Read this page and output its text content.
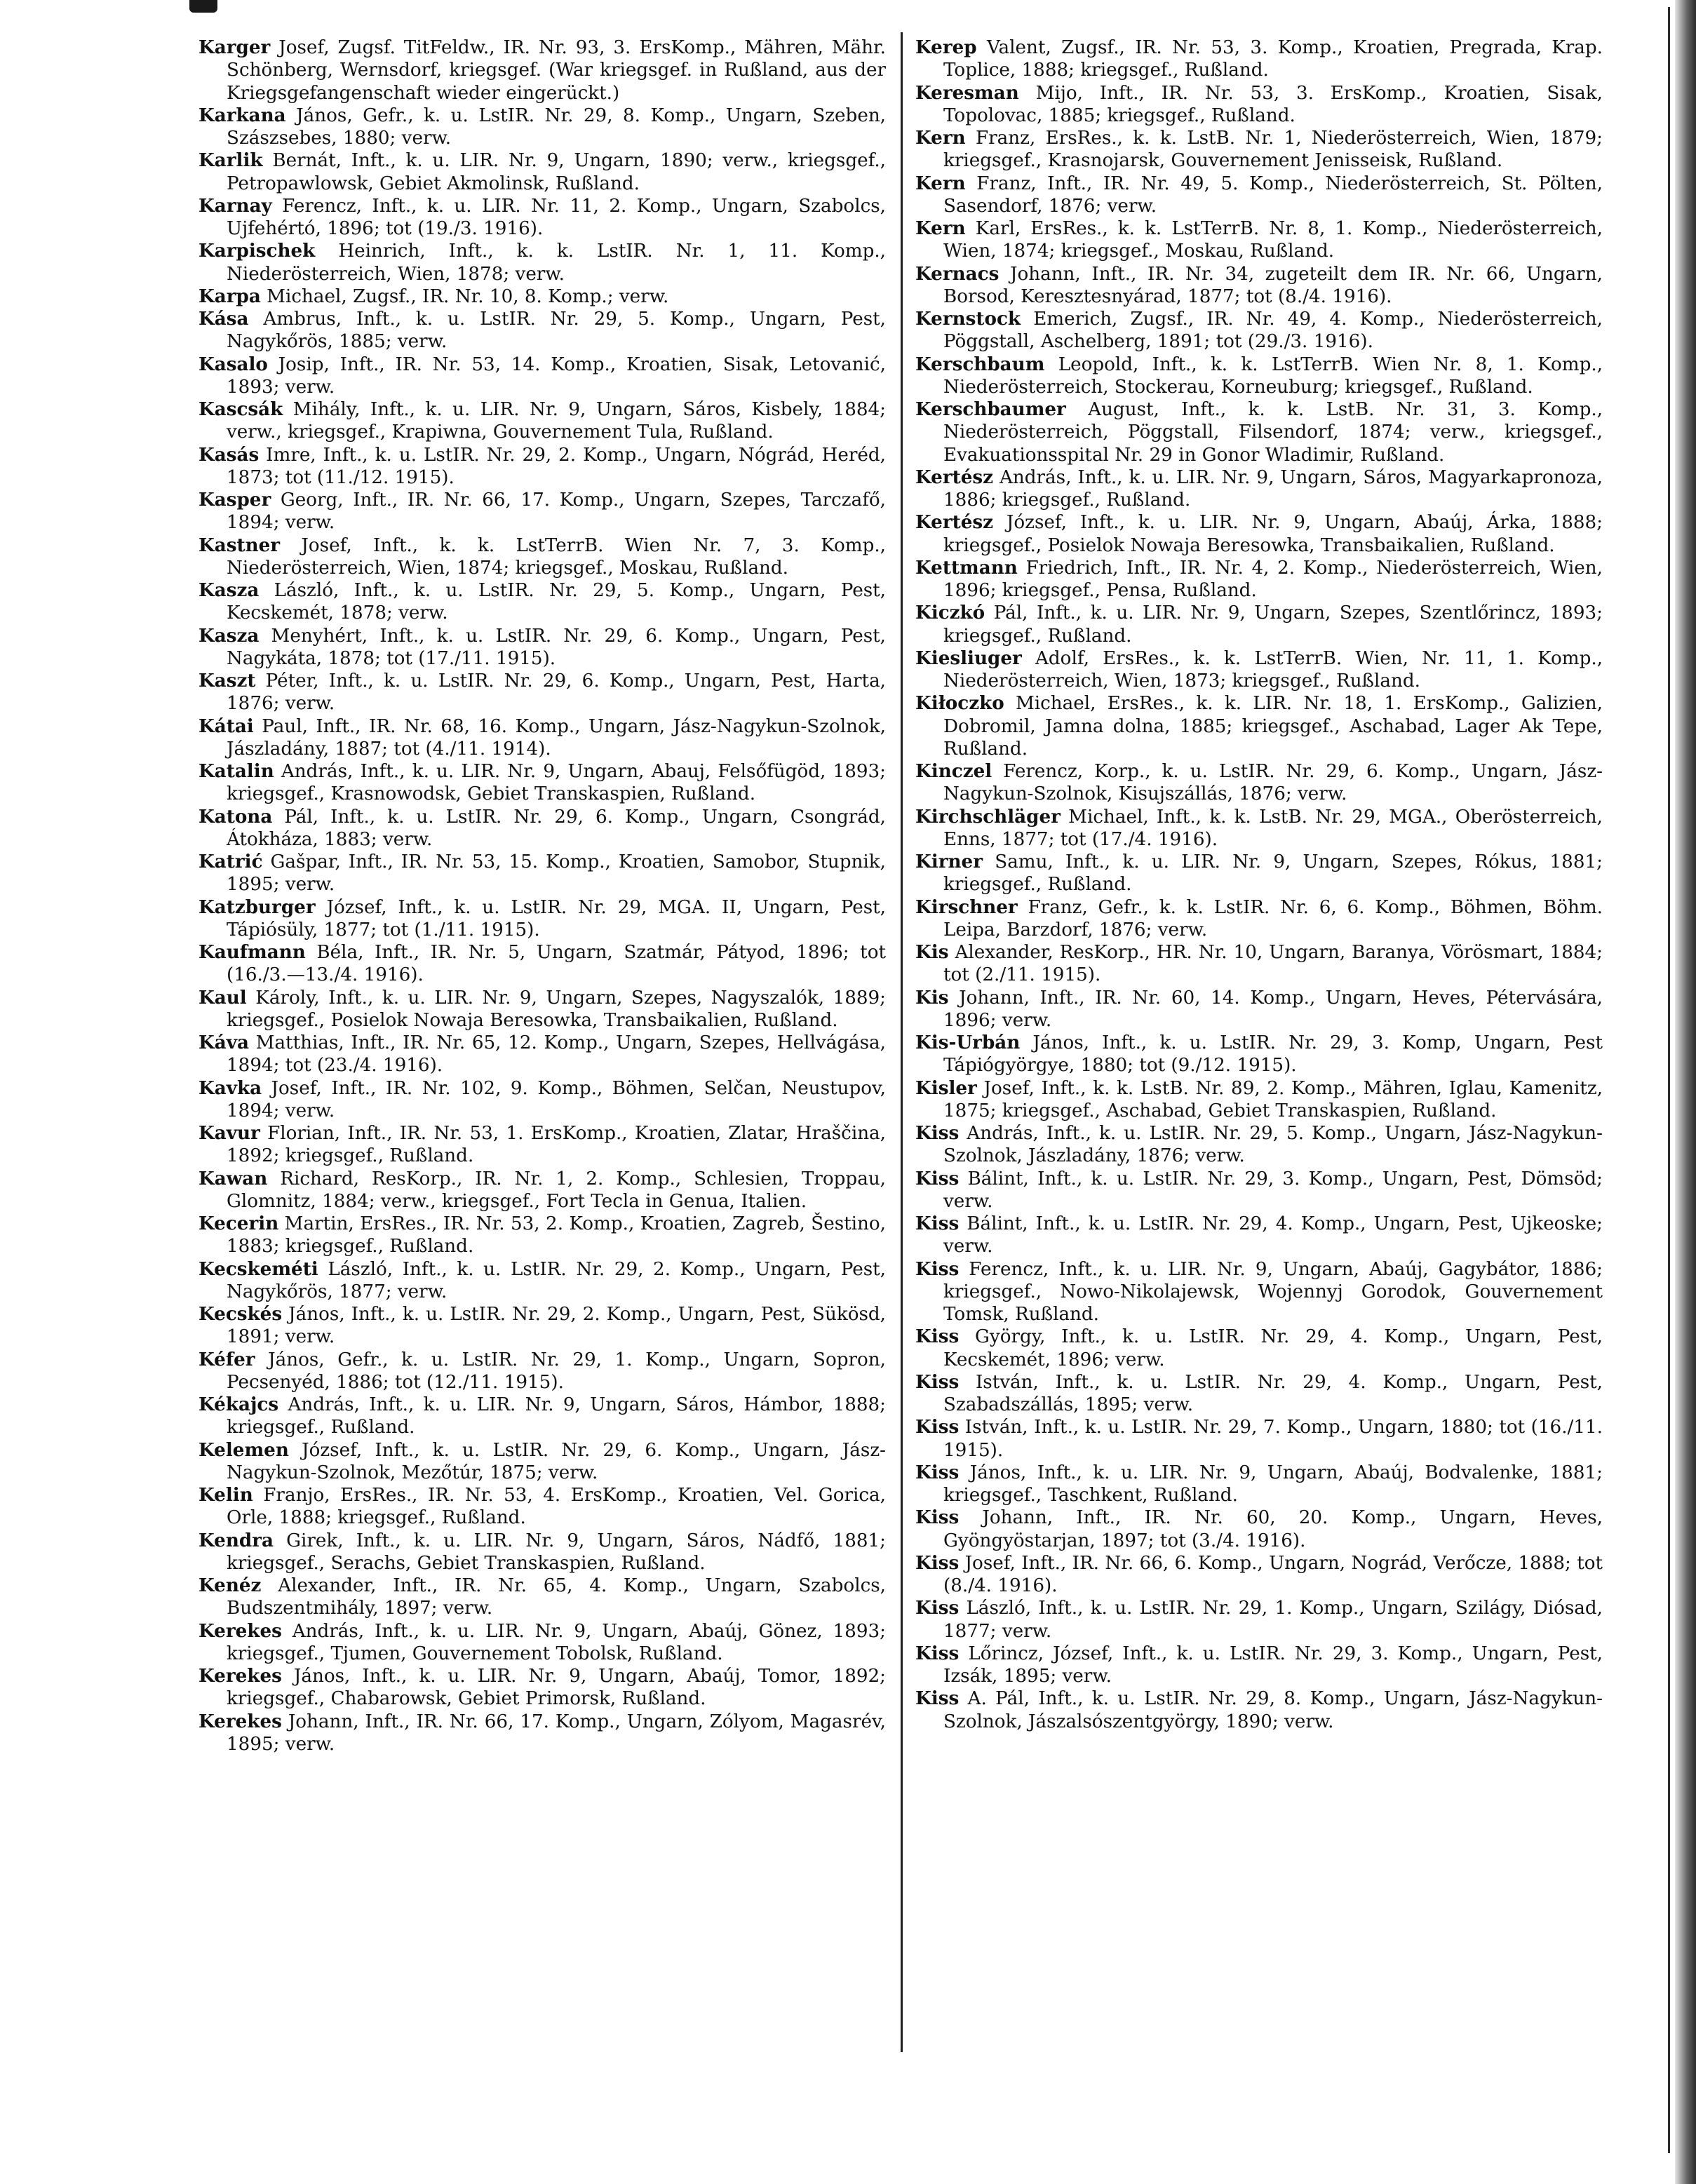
Karger Josef, Zugsf. TitFeldw., IR. Nr. 93, 3. ErsKomp., Mähren, Mähr. Schönberg, Wernsdorf, kriegsgef. (War kriegsgef. in Rußland, aus der Kriegsgefangenschaft wieder eingerückt.)

Karkana János, Gefr., k. u. LstIR. Nr. 29, 8. Komp., Ungarn, Szeben, Szászsebes, 1880; verw.

Karlik Bernát, Inft., k. u. LIR. Nr. 9, Ungarn, 1890; verw., kriegsgef., Petropawlowsk, Gebiet Akmolinsk, Rußland.

Karnay Ferencz, Inft., k. u. LIR. Nr. 11, 2. Komp., Ungarn, Szabolcs, Ujfehértó, 1896; tot (19./3. 1916).

Karpischek Heinrich, Inft., k. k. LstIR. Nr. 1, 11. Komp., Niederösterreich, Wien, 1878; verw.

Karpa Michael, Zugsf., IR. Nr. 10, 8. Komp.; verw.

Kása Ambrus, Inft., k. u. LstIR. Nr. 29, 5. Komp., Ungarn, Pest, Nagykőrös, 1885; verw.

Kasalo Josip, Inft., IR. Nr. 53, 14. Komp., Kroatien, Sisak, Letovanić, 1893; verw.

Kascsák Mihály, Inft., k. u. LIR. Nr. 9, Ungarn, Sáros, Kisbely, 1884; verw., kriegsgef., Krapiwna, Gouvernement Tula, Rußland.

Kasás Imre, Inft., k. u. LstIR. Nr. 29, 2. Komp., Ungarn, Nógrád, Heréd, 1873; tot (11./12. 1915).

Kasper Georg, Inft., IR. Nr. 66, 17. Komp., Ungarn, Szepes, Tarczafő, 1894; verw.

Kastner Josef, Inft., k. k. LstTerrB. Wien Nr. 7, 3. Komp., Niederösterreich, Wien, 1874; kriegsgef., Moskau, Rußland.

Kasza László, Inft., k. u. LstIR. Nr. 29, 5. Komp., Ungarn, Pest, Kecskemét, 1878; verw.

Kasza Menyhért, Inft., k. u. LstIR. Nr. 29, 6. Komp., Ungarn, Pest, Nagykáta, 1878; tot (17./11. 1915).

Kaszt Péter, Inft., k. u. LstIR. Nr. 29, 6. Komp., Ungarn, Pest, Harta, 1876; verw.

Kátai Paul, Inft., IR. Nr. 68, 16. Komp., Ungarn, Jász-Nagykun-Szolnok, Jászladány, 1887; tot (4./11. 1914).

Katalin András, Inft., k. u. LIR. Nr. 9, Ungarn, Abauj, Felsőfügöd, 1893; kriegsgef., Krasnowodsk, Gebiet Transkaspien, Rußland.

Katona Pál, Inft., k. u. LstIR. Nr. 29, 6. Komp., Ungarn, Csongrád, Átokháza, 1883; verw.

Katrić Gašpar, Inft., IR. Nr. 53, 15. Komp., Kroatien, Samobor, Stupnik, 1895; verw.

Katzburger József, Inft., k. u. LstIR. Nr. 29, MGA. II, Ungarn, Pest, Tápiósüly, 1877; tot (1./11. 1915).

Kaufmann Béla, Inft., IR. Nr. 5, Ungarn, Szatmár, Pátyod, 1896; tot (16./3.—13./4. 1916).

Kaul Károly, Inft., k. u. LIR. Nr. 9, Ungarn, Szepes, Nagyszalók, 1889; kriegsgef., Posielok Nowaja Beresowka, Transbaikalien, Rußland.

Káva Matthias, Inft., IR. Nr. 65, 12. Komp., Ungarn, Szepes, Hellvágása, 1894; tot (23./4. 1916).

Kavka Josef, Inft., IR. Nr. 102, 9. Komp., Böhmen, Selčan, Neustupov, 1894; verw.

Kavur Florian, Inft., IR. Nr. 53, 1. ErsKomp., Kroatien, Zlatar, Hraščina, 1892; kriegsgef., Rußland.

Kawan Richard, ResKorp., IR. Nr. 1, 2. Komp., Schlesien, Troppau, Glomnitz, 1884; verw., kriegsgef., Fort Tecla in Genua, Italien.

Kecerin Martin, ErsRes., IR. Nr. 53, 2. Komp., Kroatien, Zagreb, Šestino, 1883; kriegsgef., Rußland.

Kecskeméti László, Inft., k. u. LstIR. Nr. 29, 2. Komp., Ungarn, Pest, Nagykőrös, 1877; verw.

Kecskés János, Inft., k. u. LstIR. Nr. 29, 2. Komp., Ungarn, Pest, Sükösd, 1891; verw.

Kéfer János, Gefr., k. u. LstIR. Nr. 29, 1. Komp., Ungarn, Sopron, Pecsenyéd, 1886; tot (12./11. 1915).

Kékajcs András, Inft., k. u. LIR. Nr. 9, Ungarn, Sáros, Hámbor, 1888; kriegsgef., Rußland.

Kelemen József, Inft., k. u. LstIR. Nr. 29, 6. Komp., Ungarn, Jász-Nagykun-Szolnok, Mezőtúr, 1875; verw.

Kelin Franjo, ErsRes., IR. Nr. 53, 4. ErsKomp., Kroatien, Vel. Gorica, Orle, 1888; kriegsgef., Rußland.

Kendra Girek, Inft., k. u. LIR. Nr. 9, Ungarn, Sáros, Nádfő, 1881; kriegsgef., Serachs, Gebiet Transkaspien, Rußland.

Kenéz Alexander, Inft., IR. Nr. 65, 4. Komp., Ungarn, Szabolcs, Budszentmihály, 1897; verw.

Kerekes András, Inft., k. u. LIR. Nr. 9, Ungarn, Abaúj, Gönez, 1893; kriegsgef., Tjumen, Gouvernement Tobolsk, Rußland.

Kerekes János, Inft., k. u. LIR. Nr. 9, Ungarn, Abaúj, Tomor, 1892; kriegsgef., Chabarowsk, Gebiet Primorsk, Rußland.

Kerekes Johann, Inft., IR. Nr. 66, 17. Komp., Ungarn, Zólyom, Magasrév, 1895; verw.

Kerep Valent, Zugsf., IR. Nr. 53, 3. Komp., Kroatien, Pregrada, Krap. Toplice, 1888; kriegsgef., Rußland.

Keresman Mijo, Inft., IR. Nr. 53, 3. ErsKomp., Kroatien, Sisak, Topolovac, 1885; kriegsgef., Rußland.

Kern Franz, ErsRes., k. k. LstB. Nr. 1, Niederösterreich, Wien, 1879; kriegsgef., Krasnojarsk, Gouvernement Jenisseisk, Rußland.

Kern Franz, Inft., IR. Nr. 49, 5. Komp., Niederösterreich, St. Pölten, Sasendorf, 1876; verw.

Kern Karl, ErsRes., k. k. LstTerrB. Nr. 8, 1. Komp., Niederösterreich, Wien, 1874; kriegsgef., Moskau, Rußland.

Kernacs Johann, Inft., IR. Nr. 34, zugeteilt dem IR. Nr. 66, Ungarn, Borsod, Keresztesnyárad, 1877; tot (8./4. 1916).

Kernstock Emerich, Zugsf., IR. Nr. 49, 4. Komp., Niederösterreich, Pöggstall, Aschelberg, 1891; tot (29./3. 1916).

Kerschbaum Leopold, Inft., k. k. LstTerrB. Wien Nr. 8, 1. Komp., Niederösterreich, Stockerau, Korneuburg; kriegsgef., Rußland.

Kerschbaumer August, Inft., k. k. LstB. Nr. 31, 3. Komp., Niederösterreich, Pöggstall, Filsendorf, 1874; verw., kriegsgef., Evakuationsspital Nr. 29 in Gonor Wladimir, Rußland.

Kertész András, Inft., k. u. LIR. Nr. 9, Ungarn, Sáros, Magyarkapronoza, 1886; kriegsgef., Rußland.

Kertész József, Inft., k. u. LIR. Nr. 9, Ungarn, Abaúj, Árka, 1888; kriegsgef., Posielok Nowaja Beresowka, Transbaikalien, Rußland.

Kettmann Friedrich, Inft., IR. Nr. 4, 2. Komp., Niederösterreich, Wien, 1896; kriegsgef., Pensa, Rußland.

Kiczkó Pál, Inft., k. u. LIR. Nr. 9, Ungarn, Szepes, Szentlőrincz, 1893; kriegsgef., Rußland.

Kiesliuger Adolf, ErsRes., k. k. LstTerrB. Wien, Nr. 11, 1. Komp., Niederösterreich, Wien, 1873; kriegsgef., Rußland.

Kiłoczko Michael, ErsRes., k. k. LIR. Nr. 18, 1. ErsKomp., Galizien, Dobromil, Jamna dolna, 1885; kriegsgef., Aschabad, Lager Ak Tepe, Rußland.

Kinczel Ferencz, Korp., k. u. LstIR. Nr. 29, 6. Komp., Ungarn, Jász-Nagykun-Szolnok, Kisujszállás, 1876; verw.

Kirchschläger Michael, Inft., k. k. LstB. Nr. 29, MGA., Oberösterreich, Enns, 1877; tot (17./4. 1916).

Kirner Samu, Inft., k. u. LIR. Nr. 9, Ungarn, Szepes, Rókus, 1881; kriegsgef., Rußland.

Kirschner Franz, Gefr., k. k. LstIR. Nr. 6, 6. Komp., Böhmen, Böhm. Leipa, Barzdorf, 1876; verw.

Kis Alexander, ResKorp., HR. Nr. 10, Ungarn, Baranya, Vörösmart, 1884; tot (2./11. 1915).

Kis Johann, Inft., IR. Nr. 60, 14. Komp., Ungarn, Heves, Pétervására, 1896; verw.

Kis-Urbán János, Inft., k. u. LstIR. Nr. 29, 3. Komp, Ungarn, Pest Tápiógyörgye, 1880; tot (9./12. 1915).

Kisler Josef, Inft., k. k. LstB. Nr. 89, 2. Komp., Mähren, Iglau, Kamenitz, 1875; kriegsgef., Aschabad, Gebiet Transkaspien, Rußland.

Kiss András, Inft., k. u. LstIR. Nr. 29, 5. Komp., Ungarn, Jász-Nagykun-Szolnok, Jászladány, 1876; verw.

Kiss Bálint, Inft., k. u. LstIR. Nr. 29, 3. Komp., Ungarn, Pest, Dömsöd; verw.

Kiss Bálint, Inft., k. u. LstIR. Nr. 29, 4. Komp., Ungarn, Pest, Ujkeoske; verw.

Kiss Ferencz, Inft., k. u. LIR. Nr. 9, Ungarn, Abaúj, Gagybátor, 1886; kriegsgef., Nowo-Nikolajewsk, Wojennyj Gorodok, Gouvernement Tomsk, Rußland.

Kiss György, Inft., k. u. LstIR. Nr. 29, 4. Komp., Ungarn, Pest, Kecskemét, 1896; verw.

Kiss István, Inft., k. u. LstIR. Nr. 29, 4. Komp., Ungarn, Pest, Szabadszállás, 1895; verw.

Kiss István, Inft., k. u. LstIR. Nr. 29, 7. Komp., Ungarn, 1880; tot (16./11. 1915).

Kiss János, Inft., k. u. LIR. Nr. 9, Ungarn, Abaúj, Bodvalenke, 1881; kriegsgef., Taschkent, Rußland.

Kiss Johann, Inft., IR. Nr. 60, 20. Komp., Ungarn, Heves, Gyöngyöstarjan, 1897; tot (3./4. 1916).

Kiss Josef, Inft., IR. Nr. 66, 6. Komp., Ungarn, Nográd, Verőcze, 1888; tot (8./4. 1916).

Kiss László, Inft., k. u. LstIR. Nr. 29, 1. Komp., Ungarn, Szilágy, Diósad, 1877; verw.

Kiss Lőrincz, József, Inft., k. u. LstIR. Nr. 29, 3. Komp., Ungarn, Pest, Izsák, 1895; verw.

Kiss A. Pál, Inft., k. u. LstIR. Nr. 29, 8. Komp., Ungarn, Jász-Nagykun-Szolnok, Jászalsószentgyörgy, 1890; verw.
